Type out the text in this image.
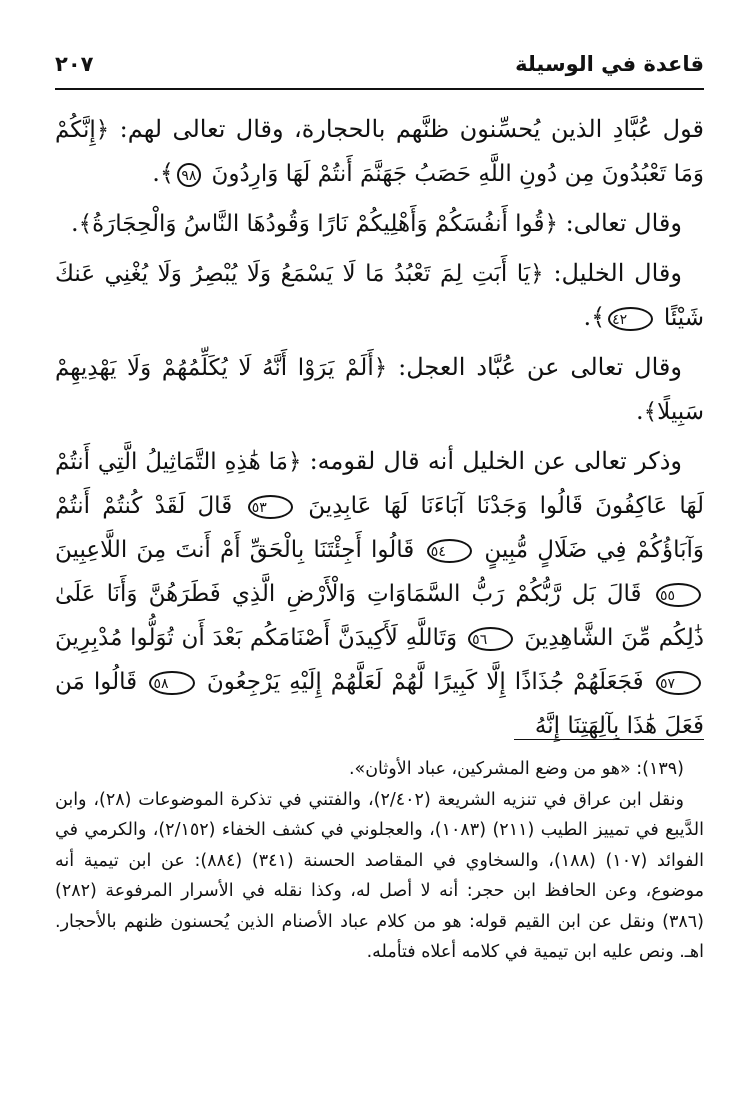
قاعدة في الوسيلة
٢٠٧

قول عُبَّادِ الذين يُحسِّنون ظنَّهم بالحجارة، وقال تعالى لهم: ﴿إِنَّكُمْ وَمَا تَعْبُدُونَ مِن دُونِ اللَّهِ حَصَبُ جَهَنَّمَ أَنتُمْ لَهَا وَارِدُونَ ٩٨﴾.

وقال تعالى: ﴿قُوا أَنفُسَكُمْ وَأَهْلِيكُمْ نَارًا وَقُودُهَا النَّاسُ وَالْحِجَارَةُ﴾.

وقال الخليل: ﴿يَا أَبَتِ لِمَ تَعْبُدُ مَا لَا يَسْمَعُ وَلَا يُبْصِرُ وَلَا يُغْنِي عَنكَ شَيْئًا ٤٢﴾.

وقال تعالى عن عُبَّاد العجل: ﴿أَلَمْ يَرَوْا أَنَّهُ لَا يُكَلِّمُهُمْ وَلَا يَهْدِيهِمْ سَبِيلًا﴾.

وذكر تعالى عن الخليل أنه قال لقومه: ﴿مَا هَٰذِهِ التَّمَاثِيلُ الَّتِي أَنتُمْ لَهَا عَاكِفُونَ قَالُوا وَجَدْنَا آبَاءَنَا لَهَا عَابِدِينَ ٥٣ قَالَ لَقَدْ كُنتُمْ أَنتُمْ وَآبَاؤُكُمْ فِي ضَلَالٍ مُّبِينٍ ٥٤ قَالُوا أَجِئْتَنَا بِالْحَقِّ أَمْ أَنتَ مِنَ اللَّاعِبِينَ ٥٥ قَالَ بَل رَّبُّكُمْ رَبُّ السَّمَاوَاتِ وَالْأَرْضِ الَّذِي فَطَرَهُنَّ وَأَنَا عَلَىٰ ذَٰلِكُم مِّنَ الشَّاهِدِينَ ٥٦ وَتَاللَّهِ لَأَكِيدَنَّ أَصْنَامَكُم بَعْدَ أَن تُوَلُّوا مُدْبِرِينَ ٥٧ فَجَعَلَهُمْ جُذَاذًا إِلَّا كَبِيرًا لَّهُمْ لَعَلَّهُمْ إِلَيْهِ يَرْجِعُونَ ٥٨ قَالُوا مَن فَعَلَ هَٰذَا بِآلِهَتِنَا إِنَّهُ

(١٣٩): «هو من وضع المشركين، عباد الأوثان».

ونقل ابن عراق في تنزيه الشريعة (٢/٤٠٢)، والفتني في تذكرة الموضوعات (٢٨)، وابن الدَّيبع في تمييز الطيب (٢١١) (١٠٨٣)، والعجلوني في كشف الخفاء (٢/١٥٢)، والكرمي في الفوائد (١٠٧) (١٨٨)، والسخاوي في المقاصد الحسنة (٣٤١) (٨٨٤): عن ابن تيمية أنه موضوع، وعن الحافظ ابن حجر: أنه لا أصل له، وكذا نقله في الأسرار المرفوعة (٢٨٢) (٣٨٦) ونقل عن ابن القيم قوله: هو من كلام عباد الأصنام الذين يُحسنون ظنهم بالأحجار. اهـ. ونص عليه ابن تيمية في كلامه أعلاه فتأمله.
